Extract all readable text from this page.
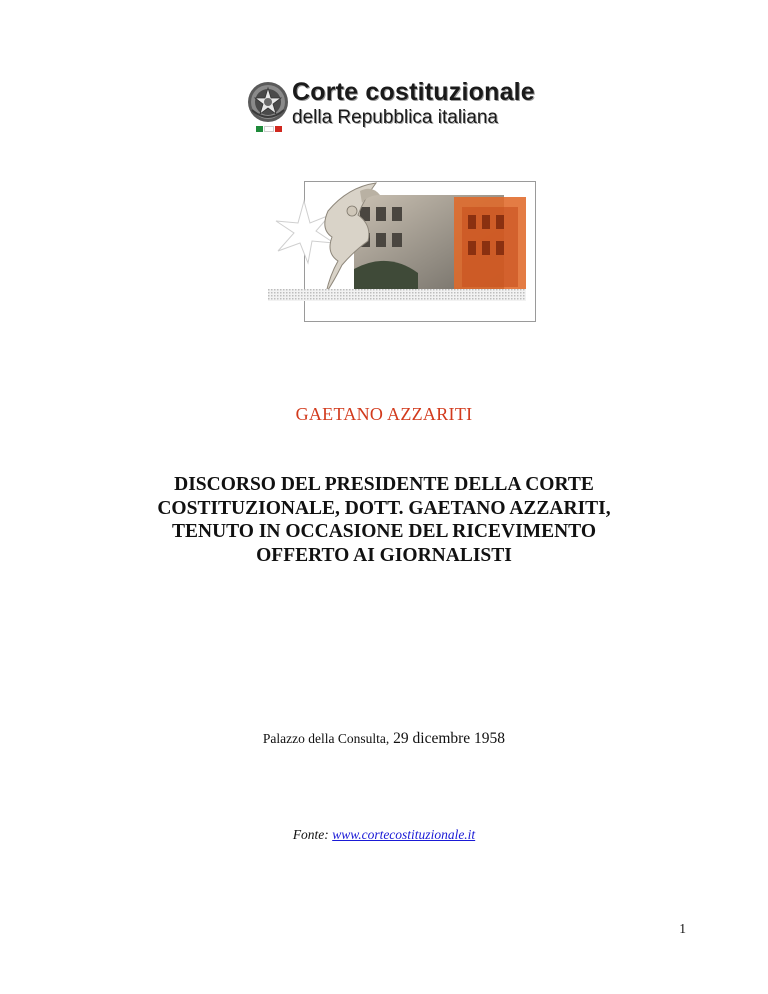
Corte costituzionale
della Repubblica italiana
GAETANO AZZARITI
DISCORSO DEL PRESIDENTE DELLA CORTE
COSTITUZIONALE, DOTT. GAETANO AZZARITI,
TENUTO IN OCCASIONE DEL RICEVIMENTO
OFFERTO AI GIORNALISTI
Palazzo della Consulta, 29 dicembre 1958
Fonte: www.cortecostituzionale.it
1
